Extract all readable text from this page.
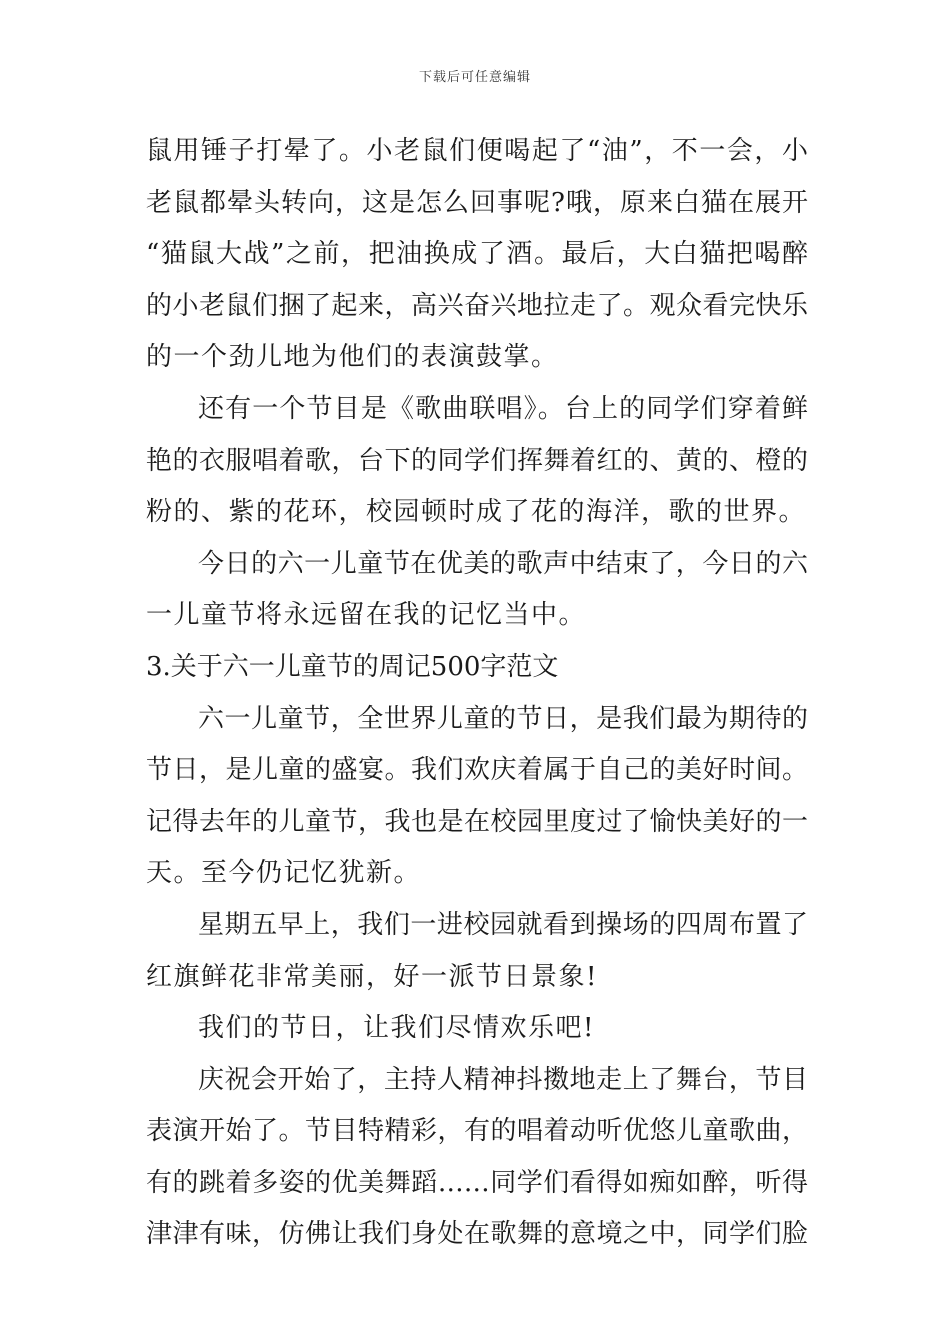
下载后可任意编辑
鼠用锤子打晕了。小老鼠们便喝起了“油”，不一会，小
老鼠都晕头转向，这是怎么回事呢?哦，原来白猫在展开
“猫鼠大战”之前，把油换成了酒。最后，大白猫把喝醉
的小老鼠们捆了起来，高兴奋兴地拉走了。观众看完快乐
的一个劲儿地为他们的表演鼓掌。
还有一个节目是《歌曲联唱》。台上的同学们穿着鲜
艳的衣服唱着歌，台下的同学们挥舞着红的、黄的、橙的
粉的、紫的花环，校园顿时成了花的海洋，歌的世界。
今日的六一儿童节在优美的歌声中结束了，今日的六
一儿童节将永远留在我的记忆当中。
3.关于六一儿童节的周记500字范文
六一儿童节，全世界儿童的节日，是我们最为期待的
节日，是儿童的盛宴。我们欢庆着属于自己的美好时间。
记得去年的儿童节，我也是在校园里度过了愉快美好的一
天。至今仍记忆犹新。
星期五早上，我们一进校园就看到操场的四周布置了
红旗鲜花非常美丽，好一派节日景象!
我们的节日，让我们尽情欢乐吧!
庆祝会开始了，主持人精神抖擞地走上了舞台，节目
表演开始了。节目特精彩，有的唱着动听优悠儿童歌曲，
有的跳着多姿的优美舞蹈……同学们看得如痴如醉，听得
津津有味，仿佛让我们身处在歌舞的意境之中，同学们脸
